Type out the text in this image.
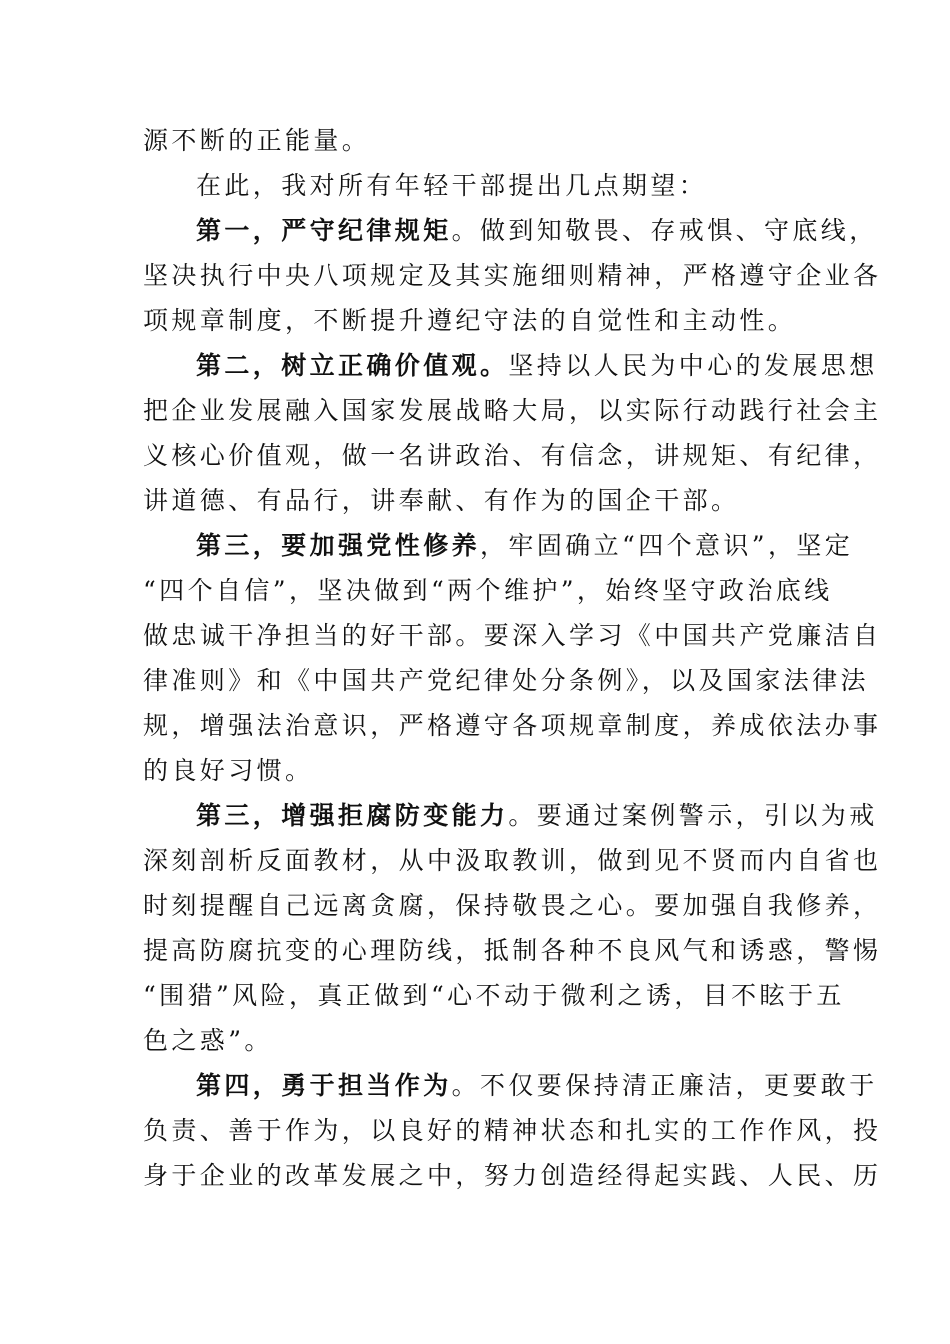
源不断的正能量。
在此，我对所有年轻干部提出几点期望：
第一，严守纪律规矩。做到知敬畏、存戒惧、守底线，
坚决执行中央八项规定及其实施细则精神，严格遵守企业各
项规章制度，不断提升遵纪守法的自觉性和主动性。
第二，树立正确价值观。坚持以人民为中心的发展思想
把企业发展融入国家发展战略大局，以实际行动践行社会主
义核心价值观，做一名讲政治、有信念，讲规矩、有纪律，
讲道德、有品行，讲奉献、有作为的国企干部。
第三，要加强党性修养，牢固确立“四个意识”，坚定
“四个自信”，坚决做到“两个维护”，始终坚守政治底线
做忠诚干净担当的好干部。要深入学习《中国共产党廉洁自
律准则》和《中国共产党纪律处分条例》，以及国家法律法
规，增强法治意识，严格遵守各项规章制度，养成依法办事
的良好习惯。
第三，增强拒腐防变能力。要通过案例警示，引以为戒
深刻剖析反面教材，从中汲取教训，做到见不贤而内自省也
时刻提醒自己远离贪腐，保持敬畏之心。要加强自我修养，
提高防腐抗变的心理防线，抵制各种不良风气和诱惑，警惕
“围猎”风险，真正做到“心不动于微利之诱，目不眩于五
色之惑”。
第四，勇于担当作为。不仅要保持清正廉洁，更要敢于
负责、善于作为，以良好的精神状态和扎实的工作作风，投
身于企业的改革发展之中，努力创造经得起实践、人民、历
